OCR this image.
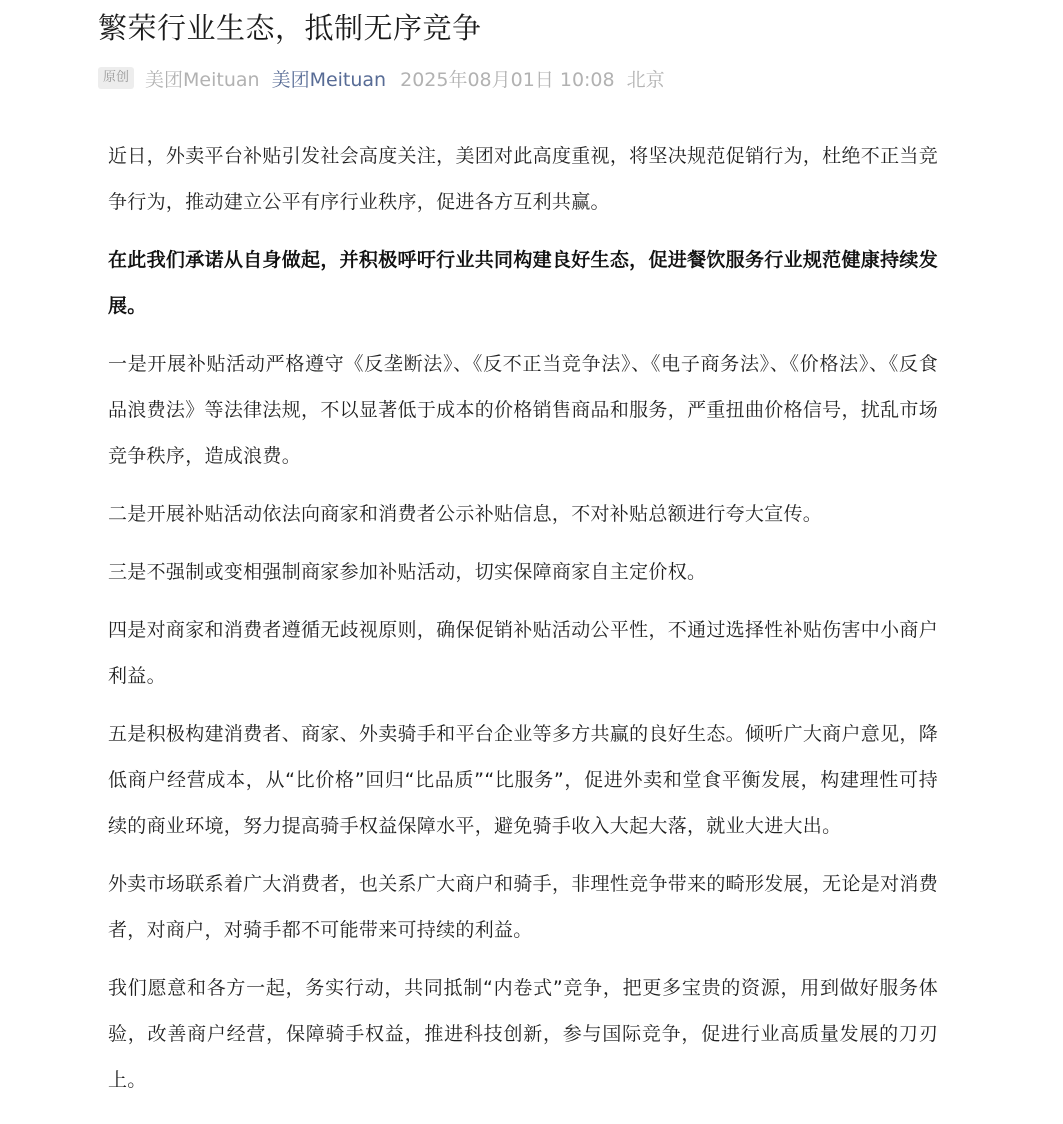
繁荣行业生态，抵制无序竞争
原创 美团Meituan 美团Meituan 2025年08月01日 10:08 北京

近日，外卖平台补贴引发社会高度关注，美团对此高度重视，将坚决规范促销行为，杜绝不正当竞争行为，推动建立公平有序行业秩序，促进各方互利共赢。

在此我们承诺从自身做起，并积极呼吁行业共同构建良好生态，促进餐饮服务行业规范健康持续发展。

一是开展补贴活动严格遵守《反垄断法》、《反不正当竞争法》、《电子商务法》、《价格法》、《反食品浪费法》等法律法规，不以显著低于成本的价格销售商品和服务，严重扭曲价格信号，扰乱市场竞争秩序，造成浪费。

二是开展补贴活动依法向商家和消费者公示补贴信息，不对补贴总额进行夸大宣传。

三是不强制或变相强制商家参加补贴活动，切实保障商家自主定价权。

四是对商家和消费者遵循无歧视原则，确保促销补贴活动公平性，不通过选择性补贴伤害中小商户利益。

五是积极构建消费者、商家、外卖骑手和平台企业等多方共赢的良好生态。倾听广大商户意见，降低商户经营成本，从“比价格”回归“比品质”“比服务”，促进外卖和堂食平衡发展，构建理性可持续的商业环境，努力提高骑手权益保障水平，避免骑手收入大起大落，就业大进大出。

外卖市场联系着广大消费者，也关系广大商户和骑手，非理性竞争带来的畸形发展，无论是对消费者，对商户，对骑手都不可能带来可持续的利益。

我们愿意和各方一起，务实行动，共同抵制“内卷式”竞争，把更多宝贵的资源，用到做好服务体验，改善商户经营，保障骑手权益，推进科技创新，参与国际竞争，促进行业高质量发展的刀刃上。
